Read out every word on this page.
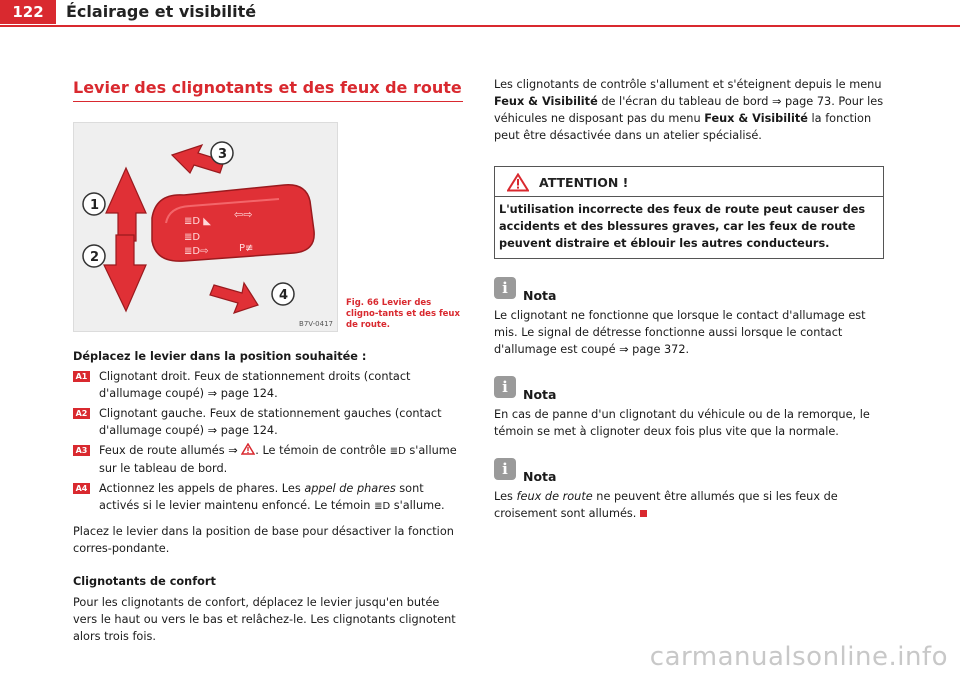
122	Éclairage et visibilité
Levier des clignotants et des feux de route
≣D ◣
⇦⇨
≣D
≣D⇨	P≢
1
2
3
4
B7V-0417
Fig. 66 Levier des cligno-tants et des feux de route.

Déplacez le levier dans la position souhaitée :

A1 Clignotant droit. Feux de stationnement droits (contact d'allumage coupé) ⇒ page 124.
A2 Clignotant gauche. Feux de stationnement gauches (contact d'allumage coupé) ⇒ page 124.
A3 Feux de route allumés ⇒ . Le témoin de contrôle ≣D s'allume sur le tableau de bord.
A4 Actionnez les appels de phares. Les appel de phares sont activés si le levier maintenu enfoncé. Le témoin ≣D s'allume.

Placez le levier dans la position de base pour désactiver la fonction corres-pondante.

Clignotants de confort

Pour les clignotants de confort, déplacez le levier jusqu'en butée vers le haut ou vers le bas et relâchez-le. Les clignotants clignotent alors trois fois.

Les clignotants de contrôle s'allument et s'éteignent depuis le menu Feux & Visibilité de l'écran du tableau de bord ⇒ page 73. Pour les véhicules ne disposant pas du menu Feux & Visibilité la fonction peut être désactivée dans un atelier spécialisé.

ATTENTION !
L'utilisation incorrecte des feux de route peut causer des accidents et des blessures graves, car les feux de route peuvent distraire et éblouir les autres conducteurs.
i	Nota

Le clignotant ne fonctionne que lorsque le contact d'allumage est mis. Le signal de détresse fonctionne aussi lorsque le contact d'allumage est coupé ⇒ page 372.

i	Nota

En cas de panne d'un clignotant du véhicule ou de la remorque, le témoin se met à clignoter deux fois plus vite que la normale.

i	Nota

Les feux de route ne peuvent être allumés que si les feux de croisement sont allumés.

carmanualsonline.info
